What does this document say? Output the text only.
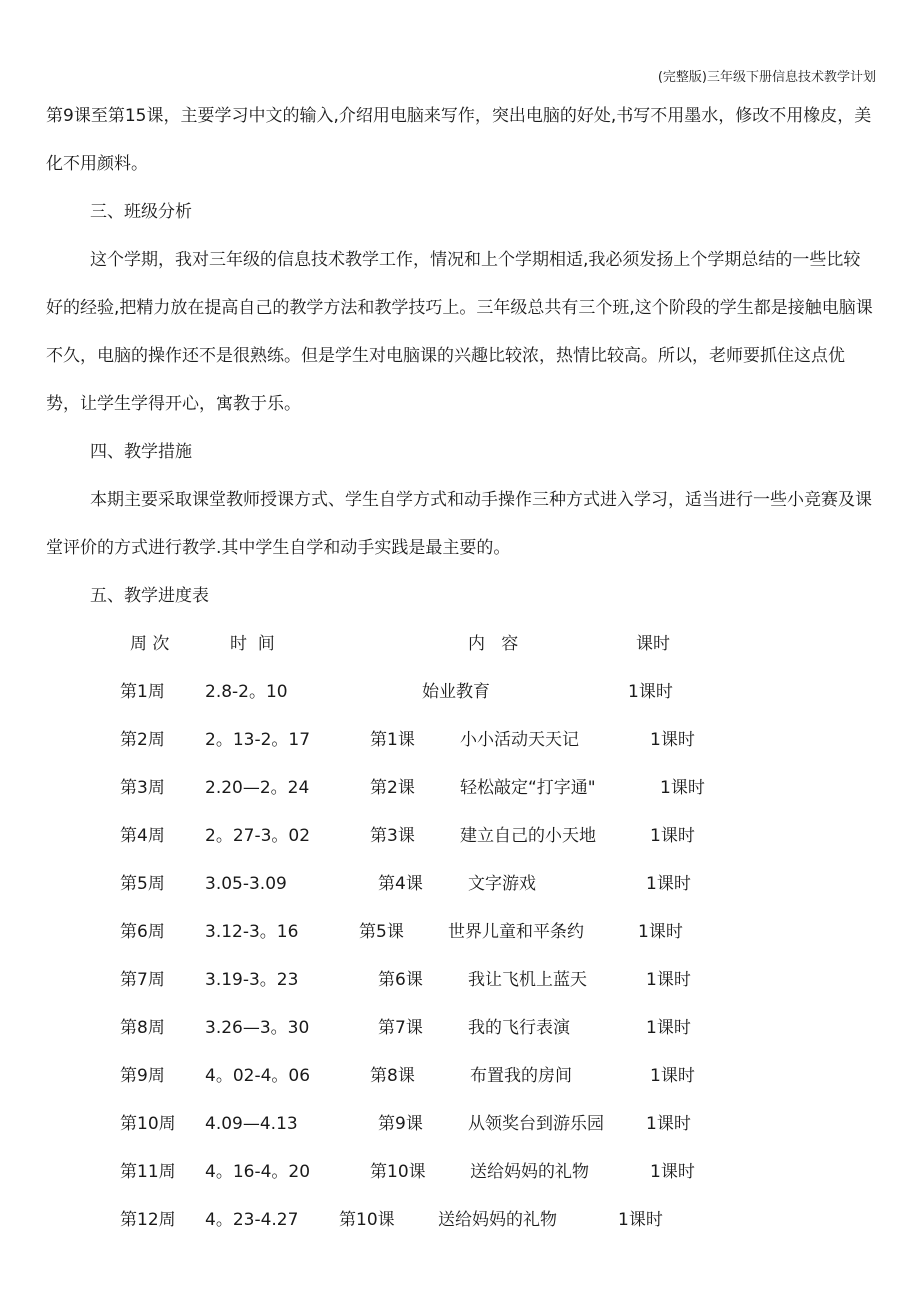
(完整版)三年级下册信息技术教学计划

第9课至第15课，主要学习中文的输入,介绍用电脑来写作，突出电脑的好处,书写不用墨水，修改不用橡皮，美化不用颜料。

三、班级分析

这个学期，我对三年级的信息技术教学工作，情况和上个学期相适,我必须发扬上个学期总结的一些比较好的经验,把精力放在提高自己的教学方法和教学技巧上。三年级总共有三个班,这个阶段的学生都是接触电脑课不久，电脑的操作还不是很熟练。但是学生对电脑课的兴趣比较浓，热情比较高。所以，老师要抓住这点优势，让学生学得开心，寓教于乐。

四、教学措施

本期主要采取课堂教师授课方式、学生自学方式和动手操作三种方式进入学习，适当进行一些小竞赛及课堂评价的方式进行教学.其中学生自学和动手实践是最主要的。

五、教学进度表

周 次	时  间	内   容	课时
第1周 2.8-2。10	始业教育	1课时
第2周 2。13-2。17	第1课	小小活动天天记	1课时
第3周 2.20—2。24	第2课	轻松敲定“打字通"	1课时
第4周 2。27-3。02	第3课	建立自己的小天地	1课时
第5周 3.05-3.09	第4课	文字游戏	1课时
第6周 3.12-3。16	第5课	世界儿童和平条约	1课时
第7周 3.19-3。23	第6课	我让飞机上蓝天	1课时
第8周 3.26—3。30	第7课	我的飞行表演	1课时
第9周 4。02-4。06	第8课	布置我的房间	1课时
第10周 4.09—4.13	第9课	从领奖台到游乐园 1课时
第11周 4。16-4。20	第10课	送给妈妈的礼物	1课时
第12周 4。23-4.27 第10课	送给妈妈的礼物	1课时
